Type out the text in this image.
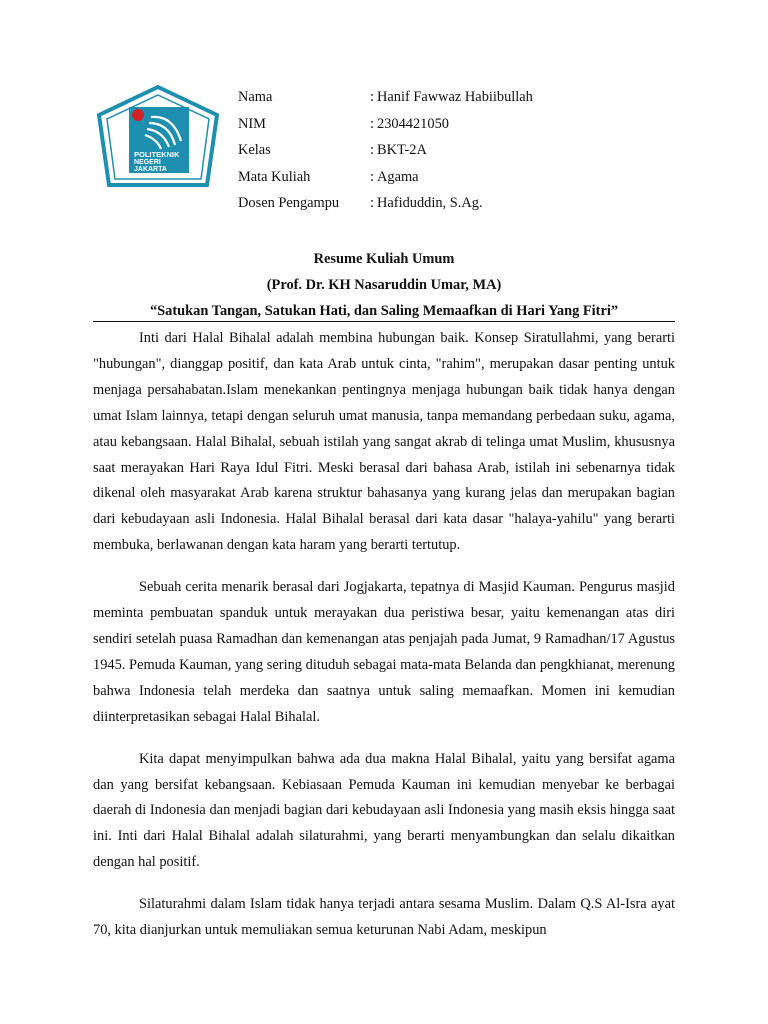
POLITEKNIK
NEGERI
JAKARTA
Nama	: Hanif Fawwaz Habiibullah
NIM	: 2304421050
Kelas	: BKT-2A
Mata Kuliah	: Agama
Dosen Pengampu	: Hafiduddin, S.Ag.
Resume Kuliah Umum
(Prof. Dr. KH Nasaruddin Umar, MA)
“Satukan Tangan, Satukan Hati, dan Saling Memaafkan di Hari Yang Fitri”

Inti dari Halal Bihalal adalah membina hubungan baik. Konsep Siratullahmi, yang berarti "hubungan", dianggap positif, dan kata Arab untuk cinta, "rahim", merupakan dasar penting untuk menjaga persahabatan.Islam menekankan pentingnya menjaga hubungan baik tidak hanya dengan umat Islam lainnya, tetapi dengan seluruh umat manusia, tanpa memandang perbedaan suku, agama, atau kebangsaan. Halal Bihalal, sebuah istilah yang sangat akrab di telinga umat Muslim, khususnya saat merayakan Hari Raya Idul Fitri. Meski berasal dari bahasa Arab, istilah ini sebenarnya tidak dikenal oleh masyarakat Arab karena struktur bahasanya yang kurang jelas dan merupakan bagian dari kebudayaan asli Indonesia. Halal Bihalal berasal dari kata dasar "halaya-yahilu" yang berarti membuka, berlawanan dengan kata haram yang berarti tertutup.

Sebuah cerita menarik berasal dari Jogjakarta, tepatnya di Masjid Kauman. Pengurus masjid meminta pembuatan spanduk untuk merayakan dua peristiwa besar, yaitu kemenangan atas diri sendiri setelah puasa Ramadhan dan kemenangan atas penjajah pada Jumat, 9 Ramadhan/17 Agustus 1945. Pemuda Kauman, yang sering dituduh sebagai mata-mata Belanda dan pengkhianat, merenung bahwa Indonesia telah merdeka dan saatnya untuk saling memaafkan. Momen ini kemudian diinterpretasikan sebagai Halal Bihalal.

Kita dapat menyimpulkan bahwa ada dua makna Halal Bihalal, yaitu yang bersifat agama dan yang bersifat kebangsaan. Kebiasaan Pemuda Kauman ini kemudian menyebar ke berbagai daerah di Indonesia dan menjadi bagian dari kebudayaan asli Indonesia yang masih eksis hingga saat ini. Inti dari Halal Bihalal adalah silaturahmi, yang berarti menyambungkan dan selalu dikaitkan dengan hal positif.

Silaturahmi dalam Islam tidak hanya terjadi antara sesama Muslim. Dalam Q.S Al-Isra ayat 70, kita dianjurkan untuk memuliakan semua keturunan Nabi Adam, meskipun
